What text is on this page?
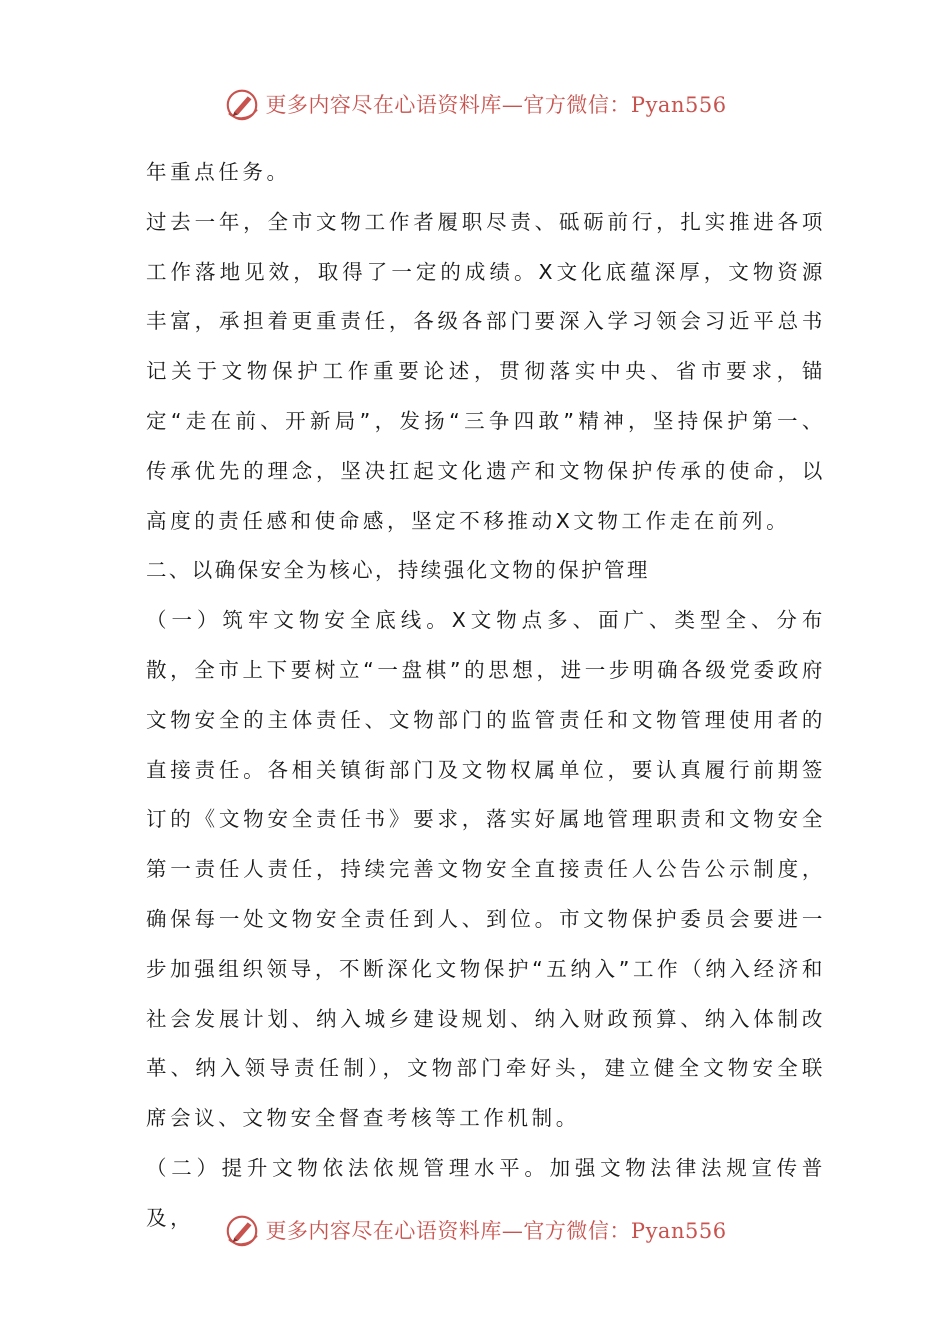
更多内容尽在心语资料库—官方微信：Pyan556

年重点任务。

过去一年，全市文物工作者履职尽责、砥砺前行，扎实推进各项工作落地见效，取得了一定的成绩。X文化底蕴深厚，文物资源丰富，承担着更重责任，各级各部门要深入学习领会习近平总书记关于文物保护工作重要论述，贯彻落实中央、省市要求，锚定“走在前、开新局”，发扬“三争四敢”精神，坚持保护第一、传承优先的理念，坚决扛起文化遗产和文物保护传承的使命，以高度的责任感和使命感，坚定不移推动X文物工作走在前列。

二、以确保安全为核心，持续强化文物的保护管理

（一）筑牢文物安全底线。X文物点多、面广、类型全、分布散，全市上下要树立“一盘棋”的思想，进一步明确各级党委政府文物安全的主体责任、文物部门的监管责任和文物管理使用者的直接责任。各相关镇街部门及文物权属单位，要认真履行前期签订的《文物安全责任书》要求，落实好属地管理职责和文物安全第一责任人责任，持续完善文物安全直接责任人公告公示制度，确保每一处文物安全责任到人、到位。市文物保护委员会要进一步加强组织领导，不断深化文物保护“五纳入”工作（纳入经济和社会发展计划、纳入城乡建设规划、纳入财政预算、纳入体制改革、纳入领导责任制），文物部门牵好头，建立健全文物安全联席会议、文物安全督查考核等工作机制。

（二）提升文物依法依规管理水平。加强文物法律法规宣传普及，

更多内容尽在心语资料库—官方微信：Pyan556
